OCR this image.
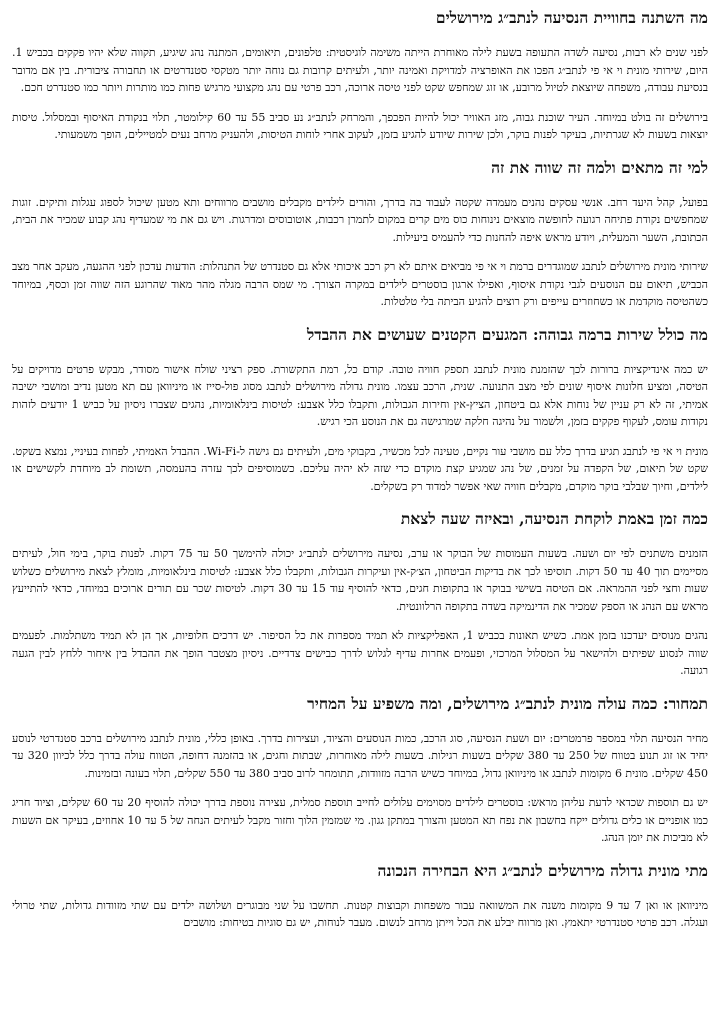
מה השתנה בחוויית הנסיעה לנתב״ג מירושלים

לפני שנים לא רבות, נסיעה לשדה התעופה בשעת לילה מאוחרת הייתה משימה לוגיסטית: טלפונים, תיאומים, המתנה נהג שיגיע, תקווה שלא יהיו פקקים בכביש 1. היום, שירותי מונית וי אי פי לנתב״ג הפכו את האופרציה למדויקת ואמינה יותר, ולעיתים קרובות גם נוחה יותר מטקסי סטנדרטים או תחבורה ציבורית. בין אם מדובר בנסיעת עבודה, משפחה שיוצאת לטיול מרובע, או זוג שמחפש שקט לפני טיסה ארוכה, רכב פרטי עם נהג מקצועי מרגיש פחות כמו מותרות ויותר כמו סטנדרט חכם.

בירושלים זה בולט במיוחד. העיר שוכנת גבוה, מזג האוויר יכול להיות הפכפך, והמרחק לנתב״ג נע סביב 55 עד 60 קילומטר, תלוי בנקודת האיסוף ובמסלול. טיסות יוצאות בשעות לא שגרתיות, בעיקר לפנות בוקר, ולכן שירות שיודע להגיע בזמן, לעקוב אחרי לוחות הטיסות, ולהעניק מרחב נעים למטיילים, הופך משמעותי.

למי זה מתאים ולמה זה שווה את זה

בפועל, קהל היעד רחב. אנשי עסקים נהנים מעמדה שקטה לעבוד בה בדרך, והורים לילדים מקבלים מושבים מרווחים ותא מטען שיכול לספוג עגלות ותיקים. זוגות שמחפשים נקודת פתיחה רגועה לחופשה מוצאים נינוחות כוס מים קרים במקום לתמרן רכבות, אוטובוסים ומדרגות. ויש גם את מי שמעדיף נהג קבוע שמכיר את הבית, הכתובת, השער והמעלית, ויודע מראש איפה להחנות כדי להעמיס ביעילות.

שירותי מונית מירושלים לנתבג שמוגדרים ברמת וי אי פי מביאים איתם לא רק רכב איכותי אלא גם סטנדרט של התנהלות: הודעות עדכון לפני ההגעה, מעקב אחר מצב הכביש, תיאום עם הנוסעים לגבי נקודת איסוף, ואפילו ארגון בוסטרים לילדים במקרה הצורך. מי שמס הרבה מגלה מהר מאוד שהרוגע הזה שווה זמן וכסף, במיוחד כשהטיסה מוקדמת או כשחוזרים עייפים ורק רוצים להגיע הביתה בלי טלטלות.

מה כולל שירות ברמה גבוהה: המגעים הקטנים שעושים את ההבדל

יש כמה אינדיקציות ברורות לכך שהזמנת מונית לנתבג תספק חוויה טובה. קודם כל, רמת התקשורת. ספק רציני שולח אישור מסודר, מבקש פרטים מדויקים על הטיסה, ומציע חלונות איסוף שונים לפי מצב התנועה. שנית, הרכב עצמו. מונית גדולה מירושלים לנתבג מסוג פול-סייז או מיניוואן עם תא מטען נדיב ומושבי ישיבה אמיתי, זה לא רק עניין של נוחות אלא גם ביטחון, הציץ-אין וחירות הגבולות, ותקבלו כלל אצבע: לטיסות בינלאומיות, נהגים שצברו ניסיון על כביש 1 יודעים לזהות נקודות עומס, לעקוף פקקים בזמן, ולשמור על נהיגה חלקה שמרגישה גם את הנוסע הכי רגיש.

מונית וי אי פי לנתבג תגיע בדרך כלל עם מושבי עור נקיים, טעינה לכל מכשיר, בקבוקי מים, ולעיתים גם גישה ל-Wi-Fi. ההבדל האמיתי, לפחות בעיניי, נמצא בשקט. שקט של תיאום, של הקפדה על זמנים, של נהג שמגיע קצת מוקדם כדי שזה לא יהיה עליכם. כשמוסיפים לכך עזרה בהעמסה, תשומת לב מיוחדת לקשישים או לילדים, וחיוך שבלבי בוקר מוקדם, מקבלים חוויה שאי אפשר למדוד רק בשקלים.

כמה זמן באמת לוקחת הנסיעה, ובאיזה שעה לצאת

הזמנים משתנים לפי יום ושעה. בשעות העמוסות של הבוקר או ערב, נסיעה מירושלים לנתב״ג יכולה להימשך 50 עד 75 דקות. לפנות בוקר, בימי חול, לעיתים מסיימים תוך 40 עד 50 דקות. תוסיפו לכך את בדיקות הביטחון, הצ׳ק-אין ועיקרות הגבולות, ותקבלו כלל אצבע: לטיסות בינלאומיות, מומלץ לצאת מירושלים כשלוש שעות וחצי לפני ההמראה. אם הטיסה בשישי בבוקר או בתקופות חגים, כדאי להוסיף עוד 15 עד 30 דקות. לטיסות שכר עם תורים ארוכים במיוחד, כדאי להתייעץ מראש עם הנהג או הספק שמכיר את הדינמיקה בשדה בתקופה הרלוונטית.

נהגים מנוסים יעדכנו בזמן אמת. כשיש תאונות בכביש 1, האפליקציות לא תמיד מספרות את כל הסיפור. יש דרכים חלופיות, אך הן לא תמיד משתלמות. לפעמים שווה לנסוע שפיתים ולהישאר על המסלול המרכזי, ופעמים אחרות עדיף לגלוש לדרך כבישים צדדיים. ניסיון מצטבר הופך את ההבדל בין איחור ללחץ לבין הגעה רגועה.

תמחור: כמה עולה מונית לנתב״ג מירושלים, ומה משפיע על המחיר

מחיר הנסיעה תלוי במספר פרמטרים: יום ושעת הנסיעה, סוג הרכב, כמות הנוסעים והציוד, ועצירות בדרך. באופן כללי, מונית לנתבג מירושלים ברכב סטנדרטי לנוסע יחיד או זוג תנוע בטווח של 250 עד 380 שקלים בשעות רגילות. בשעות לילה מאוחרות, שבתות וחגים, או בהזמנה דחופה, הטווח עולה בדרך כלל לכיוון 320 עד 450 שקלים. מונית 6 מקומות לנתבג או מיניוואן גדול, במיוחד כשיש הרבה מזוודות, תתומחר לרוב סביב 380 עד 550 שקלים, תלוי בעונה ובזמינות.

יש גם תוספות שכדאי לדעת עליהן מראש: בוסטרים לילדים מסוימים עלולים לחייב תוספת סמלית, עצירה נוספת בדרך יכולה להוסיף 20 עד 60 שקלים, וציוד חריג כמו אופניים או כלים גדולים ייקח בחשבון את נפח תא המטען והצורך במתקן גגון. מי שמזמין הלוך וחזור מקבל לעיתים הנחה של 5 עד 10 אחוזים, בעיקר אם השעות לא מביכות את יומן הנהג.

מתי מונית גדולה מירושלים לנתב״ג היא הבחירה הנכונה

מיניוואן או ואן 7 עד 9 מקומות משנה את המשוואה עבור משפחות וקבוצות קטנות. תחשבו על שני מבוגרים ושלושה ילדים עם שתי מזוודות גדולות, שתי טרולי ועגלה. רכב פרטי סטנדרטי יתאמץ. ואן מרווח יבלע את הכל וייתן מרחב לנשום. מעבר לנוחות, יש גם סוגיות בטיחות: מושבים
